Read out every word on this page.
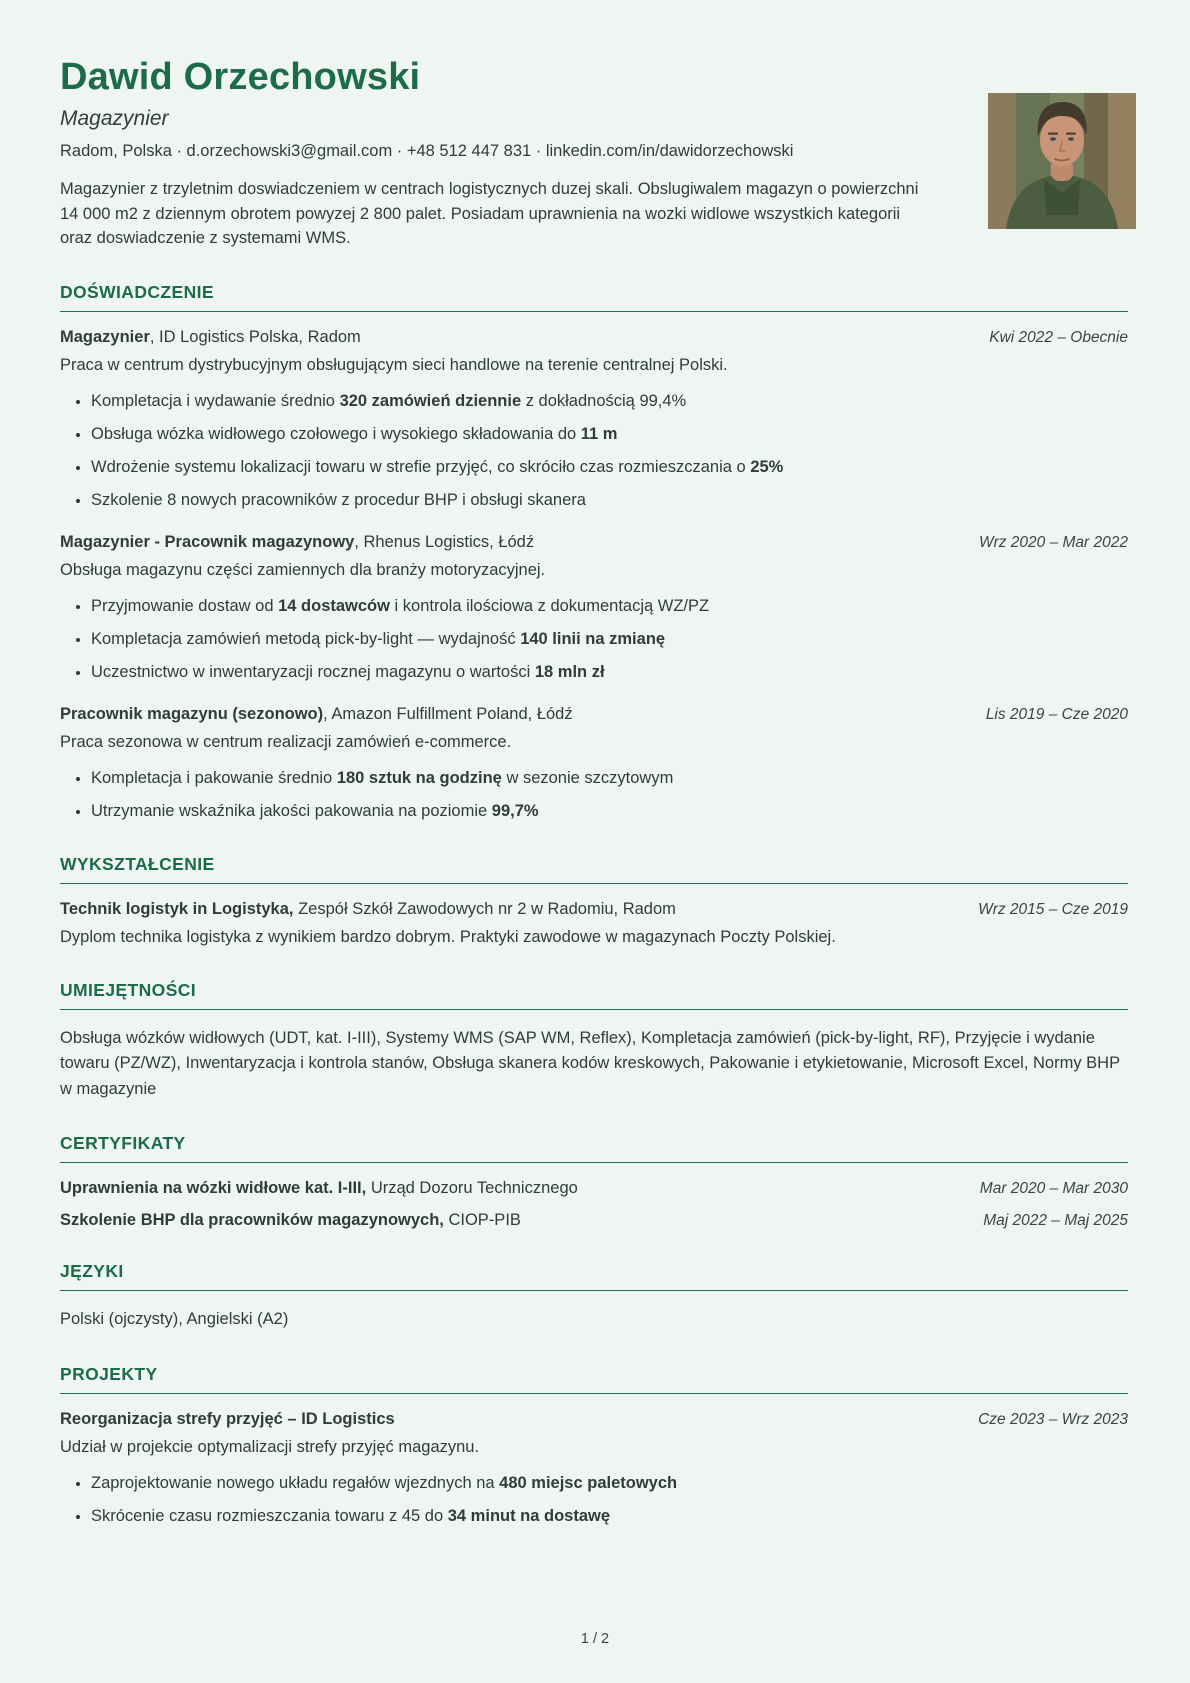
Dawid Orzechowski

Magazynier

Radom, Polska · d.orzechowski3@gmail.com · +48 512 447 831 · linkedin.com/in/dawidorzechowski

Magazynier z trzyletnim doswiadczeniem w centrach logistycznych duzej skali. Obslugiwalem magazyn o powierzchni 14 000 m2 z dziennym obrotem powyzej 2 800 palet. Posiadam uprawnienia na wozki widlowe wszystkich kategorii oraz doswiadczenie z systemami WMS.

DOŚWIADCZENIE
Magazynier, ID Logistics Polska, Radom	Kwi 2022 – Obecnie

Praca w centrum dystrybucyjnym obsługującym sieci handlowe na terenie centralnej Polski.

• Kompletacja i wydawanie średnio 320 zamówień dziennie z dokładnością 99,4%
• Obsługa wózka widłowego czołowego i wysokiego składowania do 11 m
• Wdrożenie systemu lokalizacji towaru w strefie przyjęć, co skróciło czas rozmieszczania o 25%
• Szkolenie 8 nowych pracowników z procedur BHP i obsługi skanera
Magazynier - Pracownik magazynowy, Rhenus Logistics, Łódź	Wrz 2020 – Mar 2022

Obsługa magazynu części zamiennych dla branży motoryzacyjnej.

• Przyjmowanie dostaw od 14 dostawców i kontrola ilościowa z dokumentacją WZ/PZ
• Kompletacja zamówień metodą pick-by-light — wydajność 140 linii na zmianę
• Uczestnictwo w inwentaryzacji rocznej magazynu o wartości 18 mln zł
Pracownik magazynu (sezonowo), Amazon Fulfillment Poland, Łódź	Lis 2019 – Cze 2020

Praca sezonowa w centrum realizacji zamówień e-commerce.

• Kompletacja i pakowanie średnio 180 sztuk na godzinę w sezonie szczytowym
• Utrzymanie wskaźnika jakości pakowania na poziomie 99,7%
WYKSZTAŁCENIE
Technik logistyk in Logistyka, Zespół Szkół Zawodowych nr 2 w Radomiu, Radom	Wrz 2015 – Cze 2019

Dyplom technika logistyka z wynikiem bardzo dobrym. Praktyki zawodowe w magazynach Poczty Polskiej.

UMIEJĘTNOŚCI

Obsługa wózków widłowych (UDT, kat. I-III), Systemy WMS (SAP WM, Reflex), Kompletacja zamówień (pick-by-light, RF), Przyjęcie i wydanie towaru (PZ/WZ), Inwentaryzacja i kontrola stanów, Obsługa skanera kodów kreskowych, Pakowanie i etykietowanie, Microsoft Excel, Normy BHP w magazynie

CERTYFIKATY
Uprawnienia na wózki widłowe kat. I-III, Urząd Dozoru Technicznego	Mar 2020 – Mar 2030
Szkolenie BHP dla pracowników magazynowych, CIOP-PIB	Maj 2022 – Maj 2025
JĘZYKI

Polski (ojczysty), Angielski (A2)

PROJEKTY
Reorganizacja strefy przyjęć – ID Logistics	Cze 2023 – Wrz 2023

Udział w projekcie optymalizacji strefy przyjęć magazynu.

• Zaprojektowanie nowego układu regałów wjezdnych na 480 miejsc paletowych
• Skrócenie czasu rozmieszczania towaru z 45 do 34 minut na dostawę
1 / 2
